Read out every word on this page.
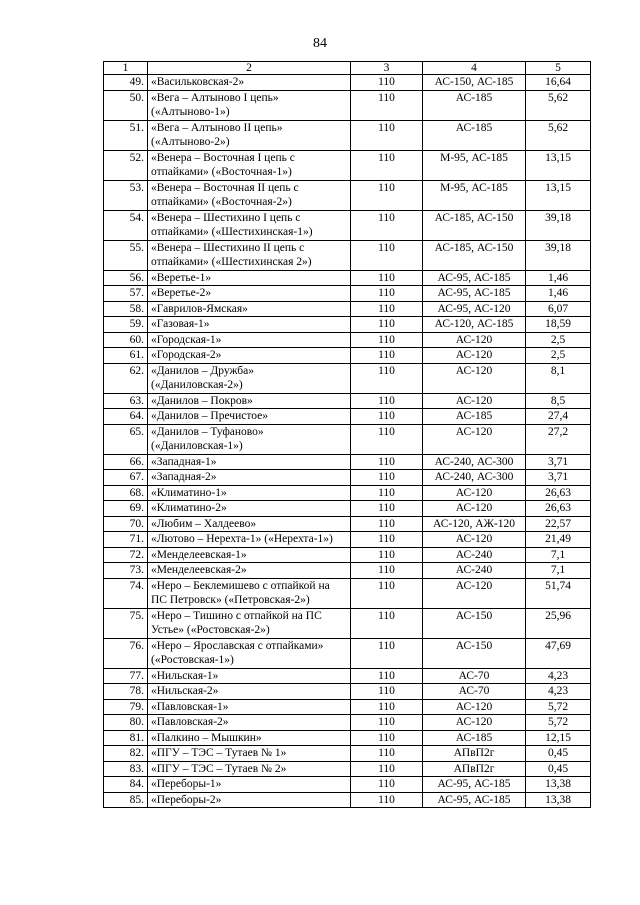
84
1	2	3	4	5
49.	«Васильковская-2»	110	АС-150, АС-185	16,64
50.	«Вега – Алтыново I цепь» («Алтыново-1»)	110	АС-185	5,62
51.	«Вега – Алтыново II цепь» («Алтыново-2»)	110	АС-185	5,62
52.	«Венера – Восточная I цепь с отпайками» («Восточная-1»)	110	М-95, АС-185	13,15
53.	«Венера – Восточная II цепь с отпайками» («Восточная-2»)	110	М-95, АС-185	13,15
54.	«Венера – Шестихино I цепь с отпайками» («Шестихинская-1»)	110	АС-185, АС-150	39,18
55.	«Венера – Шестихино II цепь с отпайками» («Шестихинская 2»)	110	АС-185, АС-150	39,18
56.	«Веретье-1»	110	АС-95, АС-185	1,46
57.	«Веретье-2»	110	АС-95, АС-185	1,46
58.	«Гаврилов-Ямская»	110	АС-95, АС-120	6,07
59.	«Газовая-1»	110	АС-120, АС-185	18,59
60.	«Городская-1»	110	АС-120	2,5
61.	«Городская-2»	110	АС-120	2,5
62.	«Данилов – Дружба» («Даниловская-2»)	110	АС-120	8,1
63.	«Данилов – Покров»	110	АС-120	8,5
64.	«Данилов – Пречистое»	110	АС-185	27,4
65.	«Данилов – Туфаново» («Даниловская-1»)	110	АС-120	27,2
66.	«Западная-1»	110	АС-240, АС-300	3,71
67.	«Западная-2»	110	АС-240, АС-300	3,71
68.	«Климатино-1»	110	АС-120	26,63
69.	«Климатино-2»	110	АС-120	26,63
70.	«Любим – Халдеево»	110	АС-120, АЖ-120	22,57
71.	«Лютово – Нерехта-1» («Нерехта-1»)	110	АС-120	21,49
72.	«Менделеевская-1»	110	АС-240	7,1
73.	«Менделеевская-2»	110	АС-240	7,1
74.	«Неро – Беклемишево с отпайкой на ПС Петровск» («Петровская-2»)	110	АС-120	51,74
75.	«Неро – Тишино с отпайкой на ПС Устье» («Ростовская-2»)	110	АС-150	25,96
76.	«Неро – Ярославская с отпайками» («Ростовская-1»)	110	АС-150	47,69
77.	«Нильская-1»	110	АС-70	4,23
78.	«Нильская-2»	110	АС-70	4,23
79.	«Павловская-1»	110	АС-120	5,72
80.	«Павловская-2»	110	АС-120	5,72
81.	«Палкино – Мышкин»	110	АС-185	12,15
82.	«ПГУ – ТЭС – Тутаев № 1»	110	АПвП2г	0,45
83.	«ПГУ – ТЭС – Тутаев № 2»	110	АПвП2г	0,45
84.	«Переборы-1»	110	АС-95, АС-185	13,38
85.	«Переборы-2»	110	АС-95, АС-185	13,38
